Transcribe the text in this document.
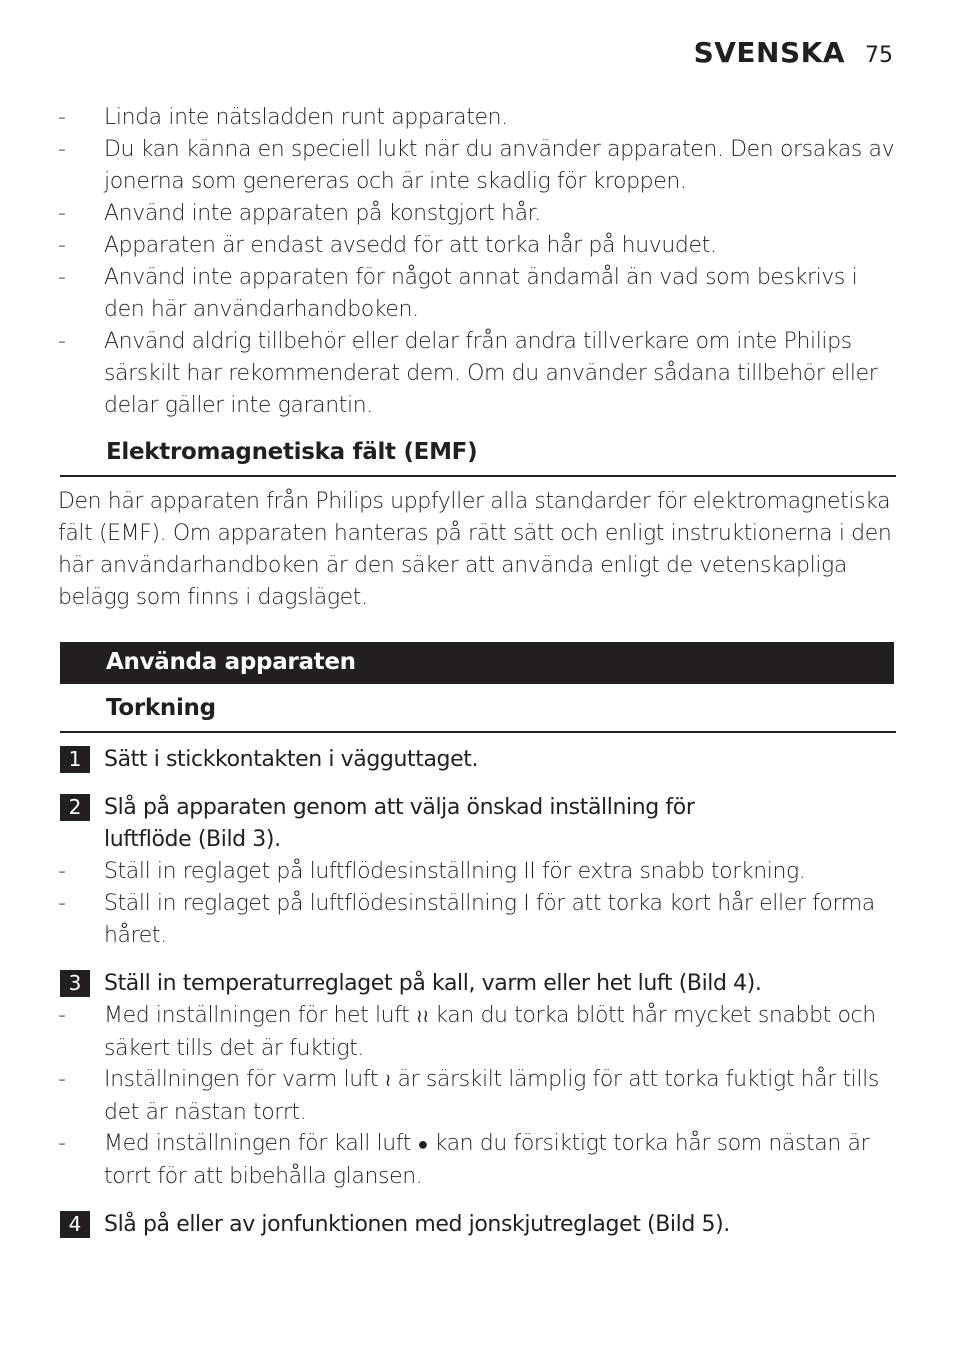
SVENSKA 75
- Linda inte nätsladden runt apparaten.
- Du kan känna en speciell lukt när du använder apparaten. Den orsakas av jonerna som genereras och är inte skadlig för kroppen.
- Använd inte apparaten på konstgjort hår.
- Apparaten är endast avsedd för att torka hår på huvudet.
- Använd inte apparaten för något annat ändamål än vad som beskrivs i den här användarhandboken.
- Använd aldrig tillbehör eller delar från andra tillverkare om inte Philips särskilt har rekommenderat dem. Om du använder sådana tillbehör eller delar gäller inte garantin.
Elektromagnetiska fält (EMF)
Den här apparaten från Philips uppfyller alla standarder för elektromagnetiska fält (EMF). Om apparaten hanteras på rätt sätt och enligt instruktionerna i den här användarhandboken är den säker att använda enligt de vetenskapliga belägg som finns i dagsläget.
Använda apparaten
Torkning
1	Sätt i stickkontakten i vägguttaget.
2	Slå på apparaten genom att välja önskad inställning för luftflöde (Bild 3).
- Ställ in reglaget på luftflödesinställning II för extra snabb torkning.
- Ställ in reglaget på luftflödesinställning I för att torka kort hår eller forma håret.
3	Ställ in temperaturreglaget på kall, varm eller het luft (Bild 4).
- Med inställningen för het luft ≀≀ kan du torka blött hår mycket snabbt och säkert tills det är fuktigt.
- Inställningen för varm luft ≀ är särskilt lämplig för att torka fuktigt hår tills det är nästan torrt.
- Med inställningen för kall luft ● kan du försiktigt torka hår som nästan är torrt för att bibehålla glansen.
4	Slå på eller av jonfunktionen med jonskjutreglaget (Bild 5).
